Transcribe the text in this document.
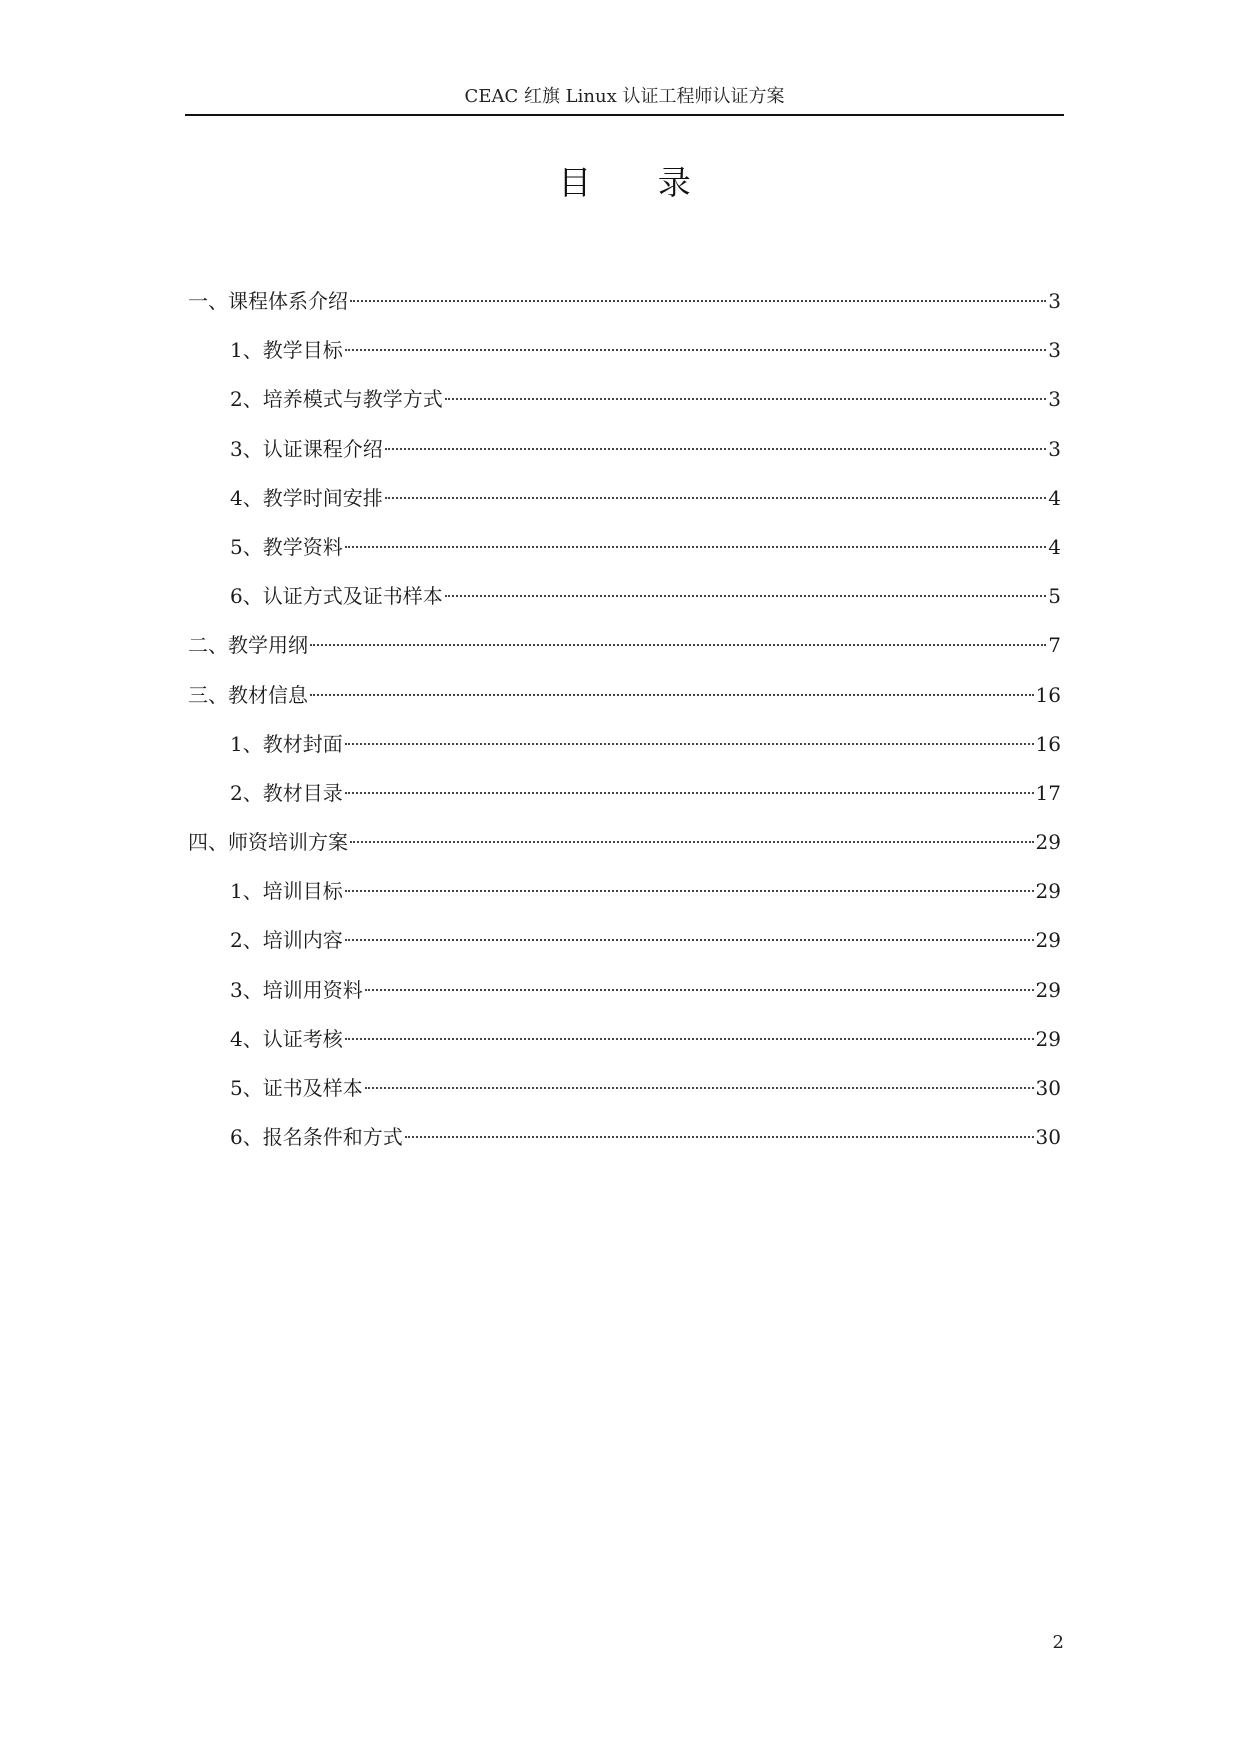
CEAC 红旗 Linux 认证工程师认证方案
目 录
一、课程体系介绍	3
1、教学目标	3
2、培养模式与教学方式	3
3、认证课程介绍	3
4、教学时间安排	4
5、教学资料	4
6、认证方式及证书样本	5
二、教学用纲	7
三、教材信息	16
1、教材封面	16
2、教材目录	17
四、师资培训方案	29
1、培训目标	29
2、培训内容	29
3、培训用资料	29
4、认证考核	29
5、证书及样本	30
6、报名条件和方式	30
2
